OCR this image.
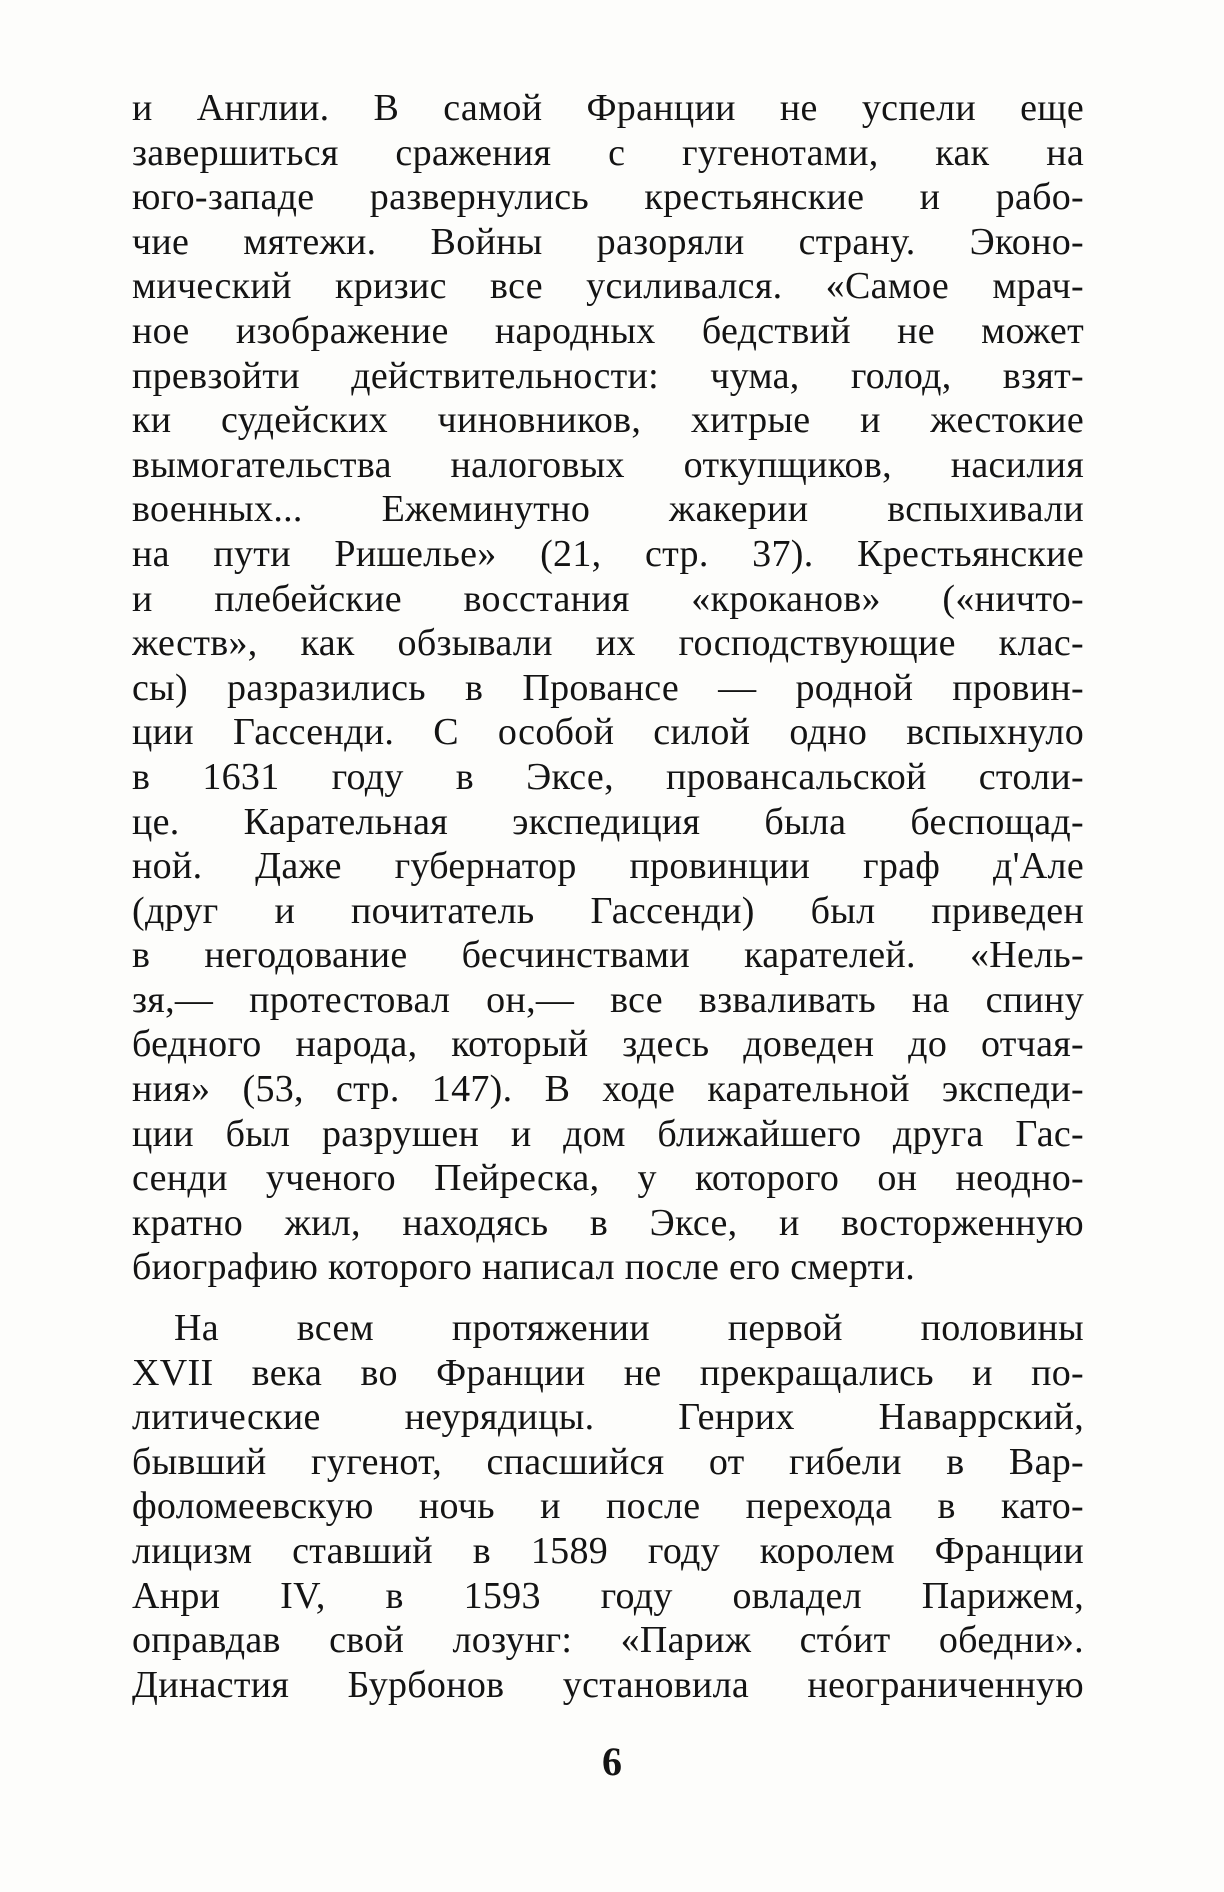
и Англии. В самой Франции не успели еще
завершиться сражения с гугенотами, как на
юго-западе развернулись крестьянские и рабо-
чие мятежи. Войны разоряли страну. Эконо-
мический кризис все усиливался. «Самое мрач-
ное изображение народных бедствий не может
превзойти действительности: чума, голод, взят-
ки судейских чиновников, хитрые и жестокие
вымогательства налоговых откупщиков, насилия
военных... Ежеминутно жакерии вспыхивали
на пути Ришелье» (21, стр. 37). Крестьянские
и плебейские восстания «кроканов» («ничто-
жеств», как обзывали их господствующие клас-
сы) разразились в Провансе — родной провин-
ции Гассенди. С особой силой одно вспыхнуло
в 1631 году в Эксе, провансальской столи-
це. Карательная экспедиция была беспощад-
ной. Даже губернатор провинции граф д'Але
(друг и почитатель Гассенди) был приведен
в негодование бесчинствами карателей. «Нель-
зя,— протестовал он,— все взваливать на спину
бедного народа, который здесь доведен до отчая-
ния» (53, стр. 147). В ходе карательной экспеди-
ции был разрушен и дом ближайшего друга Гас-
сенди ученого Пейреска, у которого он неодно-
кратно жил, находясь в Эксе, и восторженную
биографию которого написал после его смерти.
На всем протяжении первой половины
XVII века во Франции не прекращались и по-
литические неурядицы. Генрих Наваррский,
бывший гугенот, спасшийся от гибели в Вар-
фоломеевскую ночь и после перехода в като-
лицизм ставший в 1589 году королем Франции
Анри IV, в 1593 году овладел Парижем,
оправдав свой лозунг: «Париж стóит обедни».
Династия Бурбонов установила неограниченную
6
